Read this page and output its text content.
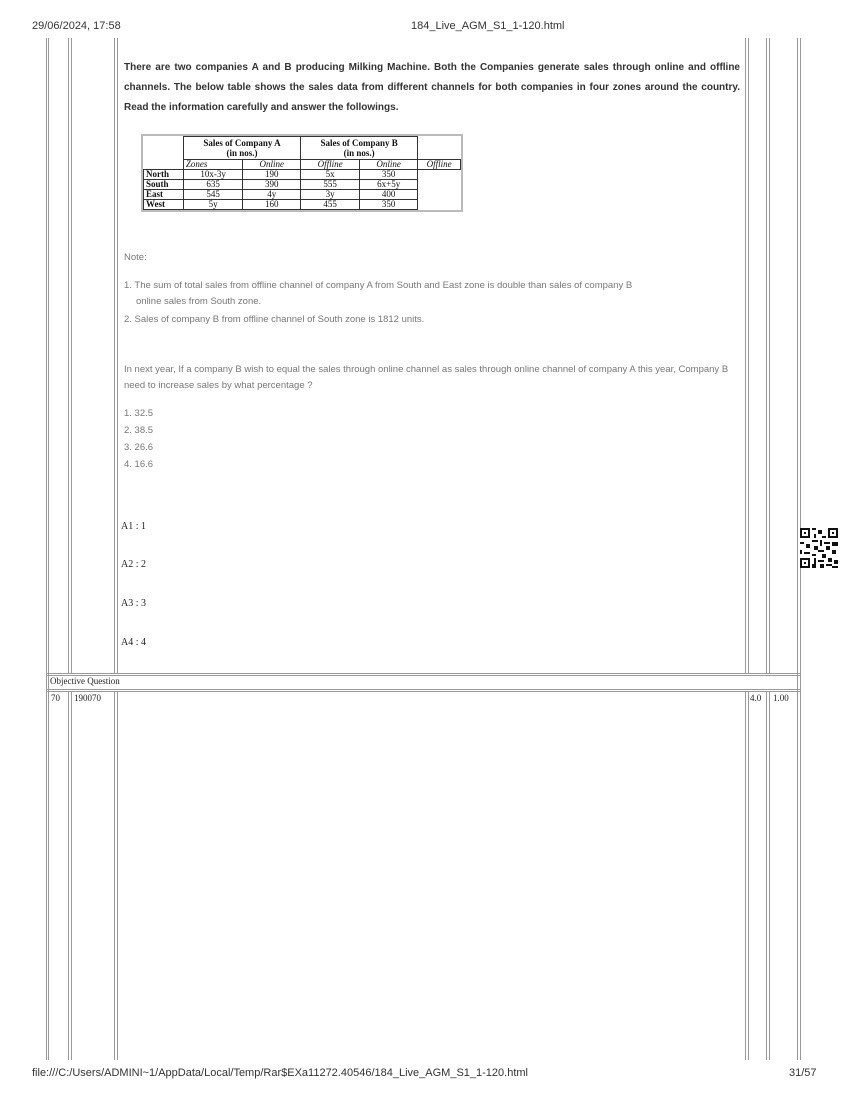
29/06/2024, 17:58	184_Live_AGM_S1_1-120.html
There are two companies A and B producing Milking Machine. Both the Companies generate sales through online and offline channels. The below table shows the sales data from different channels for both companies in four zones around the country. Read the information carefully and answer the followings.
	Sales of Company A
(in nos.)		Sales of Company B
(in nos.)		
	Zones	Online	Offline	Online	Offline
North	10x-3y	190	5x	350	
South	635	390	555	6x+5y	
East	545	4y	3y	400	
West	5y	160	455	350	
Note:
1. The sum of total sales from offline channel of company A from South and East zone is double than sales of company B
online sales from South zone.
2. Sales of company B from offline channel of South zone is 1812 units.
In next year, If a company B wish to equal the sales through online channel as sales through online channel of company A this year, Company B need to increase sales by what percentage ?
1. 32.5
2. 38.5
3. 26.6
4. 16.6
A1 : 1
A2 : 2
A3 : 3
A4 : 4
Objective Question
70 190070	4.0 1.00
file:///C:/Users/ADMINI~1/AppData/Local/Temp/Rar$EXa11272.40546/184_Live_AGM_S1_1-120.html	31/57
